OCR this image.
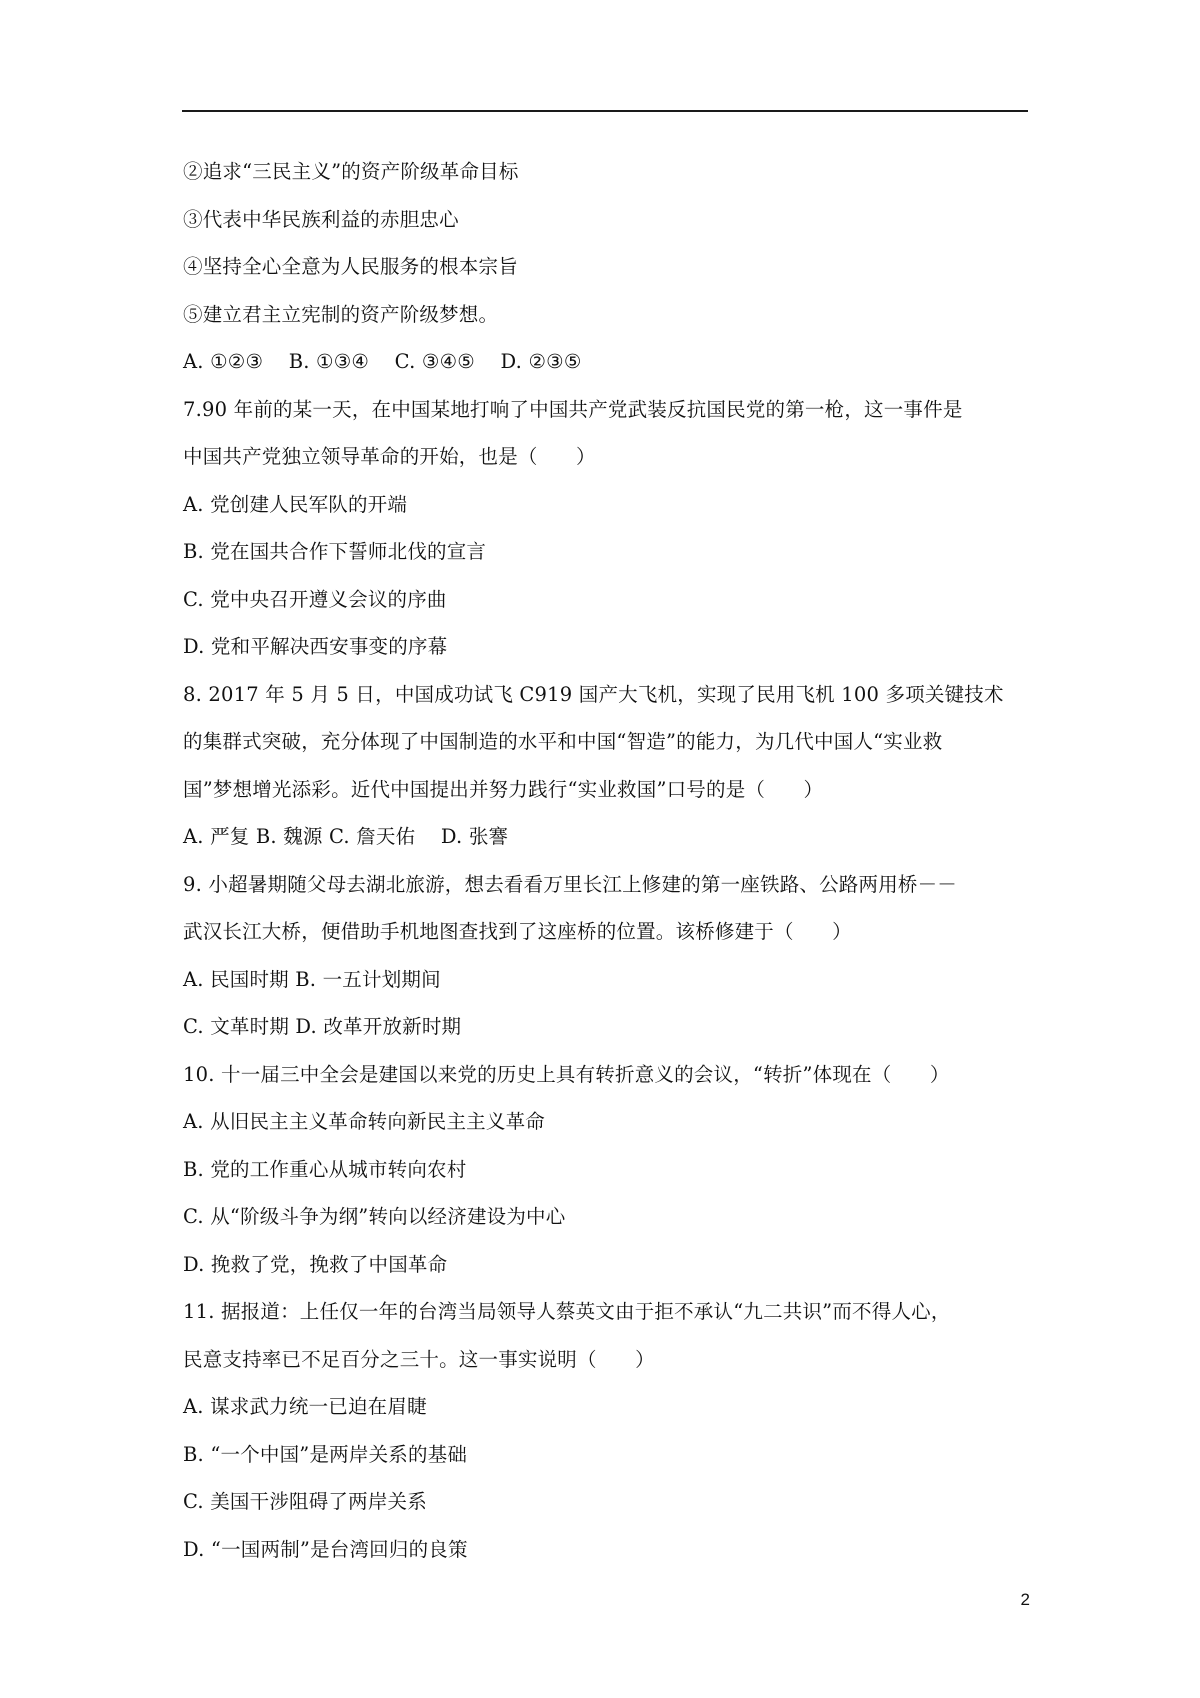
②追求“三民主义”的资产阶级革命目标
③代表中华民族利益的赤胆忠心
④坚持全心全意为人民服务的根本宗旨
⑤建立君主立宪制的资产阶级梦想。
A. ①②③    B. ①③④    C. ③④⑤    D. ②③⑤
7.90 年前的某一天，在中国某地打响了中国共产党武装反抗国民党的第一枪，这一事件是
中国共产党独立领导革命的开始，也是（      ）
A. 党创建人民军队的开端
B. 党在国共合作下誓师北伐的宣言
C. 党中央召开遵义会议的序曲
D. 党和平解决西安事变的序幕
8. 2017 年 5 月 5 日，中国成功试飞 C919 国产大飞机，实现了民用飞机 100 多项关键技术
的集群式突破，充分体现了中国制造的水平和中国“智造”的能力，为几代中国人“实业救
国”梦想增光添彩。近代中国提出并努力践行“实业救国”口号的是（      ）
A. 严复 B. 魏源 C. 詹天佑    D. 张謇
9. 小超暑期随父母去湖北旅游，想去看看万里长江上修建的第一座铁路、公路两用桥－－
武汉长江大桥，便借助手机地图查找到了这座桥的位置。该桥修建于（      ）
A. 民国时期 B. 一五计划期间
C. 文革时期 D. 改革开放新时期
10. 十一届三中全会是建国以来党的历史上具有转折意义的会议，“转折”体现在（      ）
A. 从旧民主主义革命转向新民主主义革命
B. 党的工作重心从城市转向农村
C. 从“阶级斗争为纲”转向以经济建设为中心
D. 挽救了党，挽救了中国革命
11. 据报道：上任仅一年的台湾当局领导人蔡英文由于拒不承认“九二共识”而不得人心，
民意支持率已不足百分之三十。这一事实说明（      ）
A. 谋求武力统一已迫在眉睫
B. “一个中国”是两岸关系的基础
C. 美国干涉阻碍了两岸关系
D. “一国两制”是台湾回归的良策
2
